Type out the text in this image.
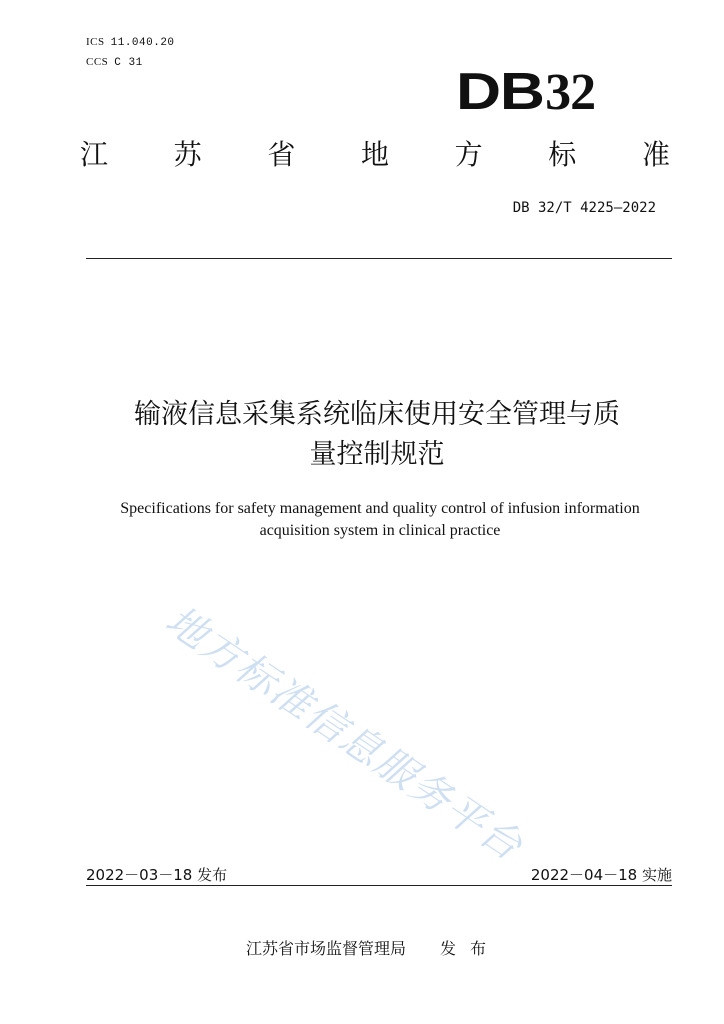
ICS 11.040.20
CCS C 31	DB32
江 苏 省 地 方 标 准
DB 32/T 4225—2022
输液信息采集系统临床使用安全管理与质
量控制规范
Specifications for safety management and quality control of infusion information
acquisition system in clinical practice
地方标准信息服务平台
2022－03－18 发布	2022－04－18 实施
江苏省市场监督管理局 发布
